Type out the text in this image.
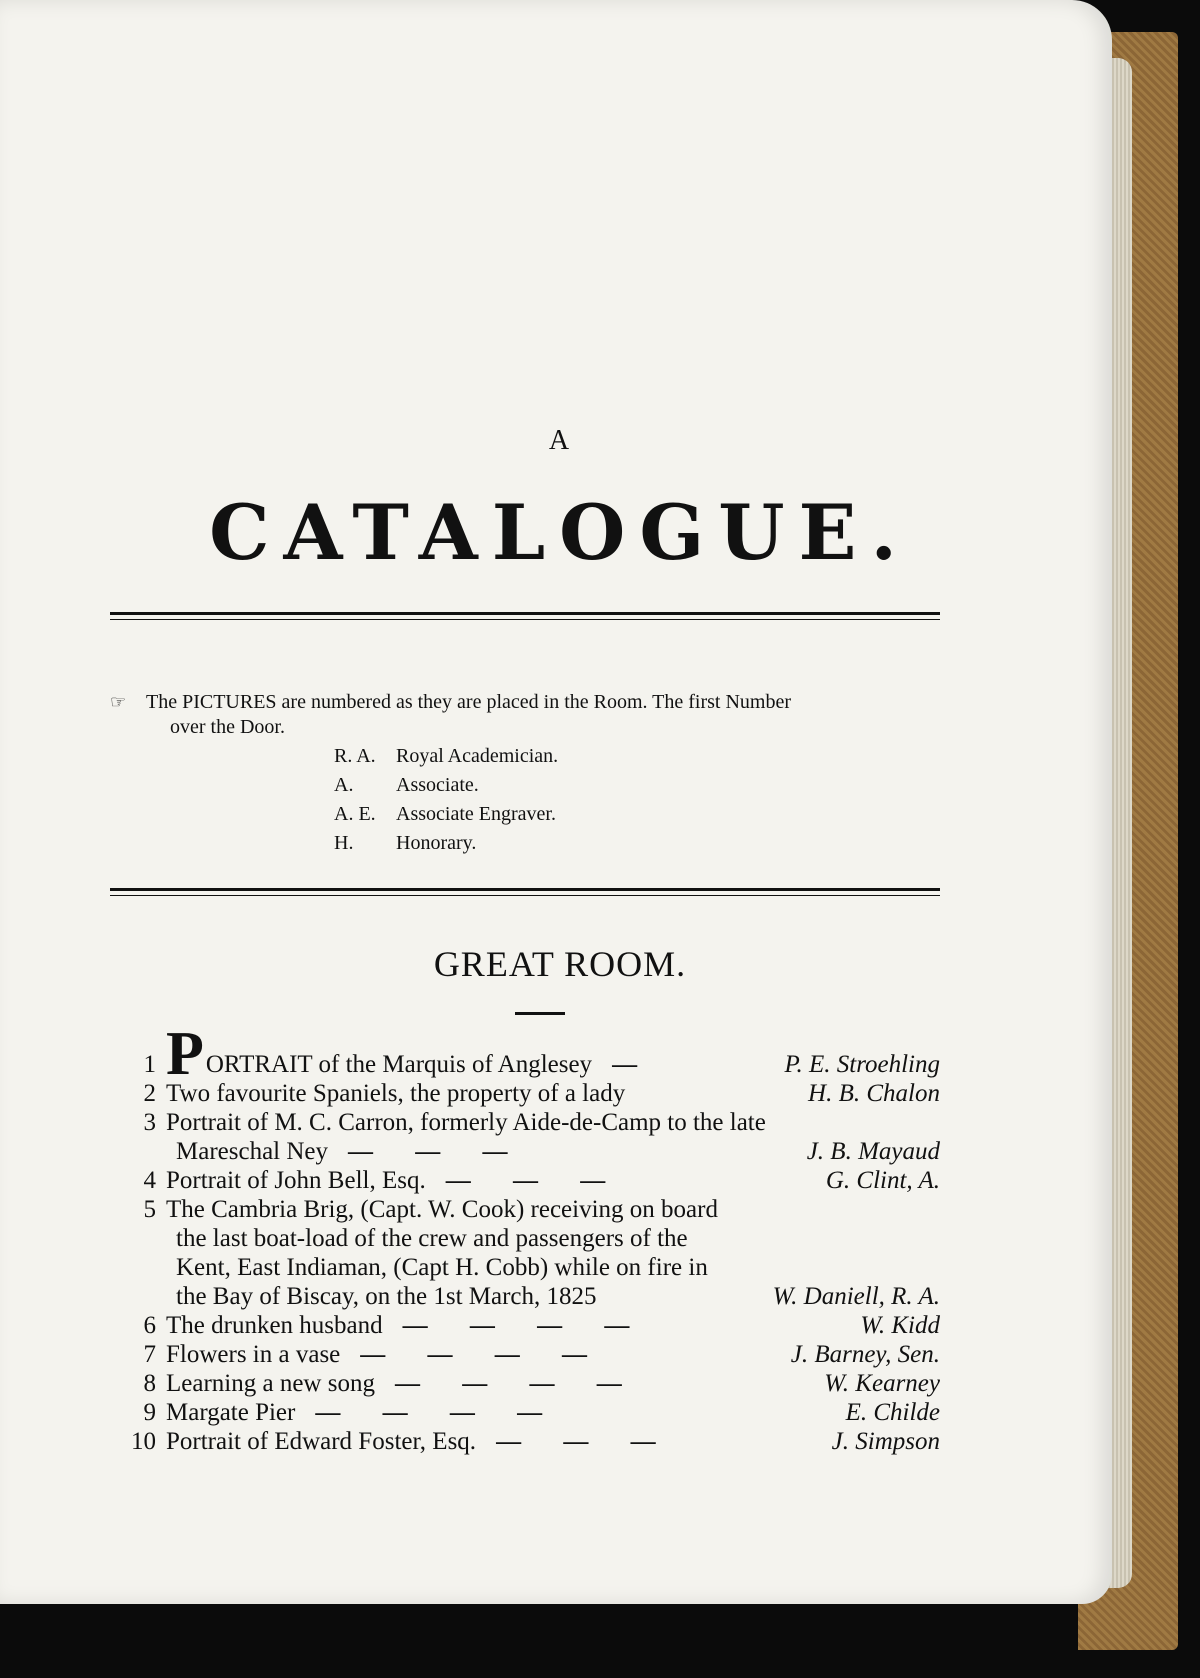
A
CATALOGUE.
☞ The PICTURES are numbered as they are placed in the Room. The first Number
over the Door.
R. A.	Royal Academician.
A.	Associate.
A. E.	Associate Engraver.
H.	Honorary.
GREAT ROOM.
1 PORTRAIT of the Marquis of Anglesey —	P. E. Stroehling
2 Two favourite Spaniels, the property of a lady	H. B. Chalon
3 Portrait of M. C. Carron, formerly Aide-de-Camp to the late
Mareschal Ney — — —	J. B. Mayaud
4 Portrait of John Bell, Esq. — — —	G. Clint, A.
5 The Cambria Brig, (Capt. W. Cook) receiving on board
the last boat-load of the crew and passengers of the
Kent, East Indiaman, (Capt H. Cobb) while on fire in
the Bay of Biscay, on the 1st March, 1825	W. Daniell, R. A.
6 The drunken husband — — — —	W. Kidd
7 Flowers in a vase — — — —	J. Barney, Sen.
8 Learning a new song — — — —	W. Kearney
9 Margate Pier — — — —	E. Childe
10 Portrait of Edward Foster, Esq. — — —	J. Simpson
